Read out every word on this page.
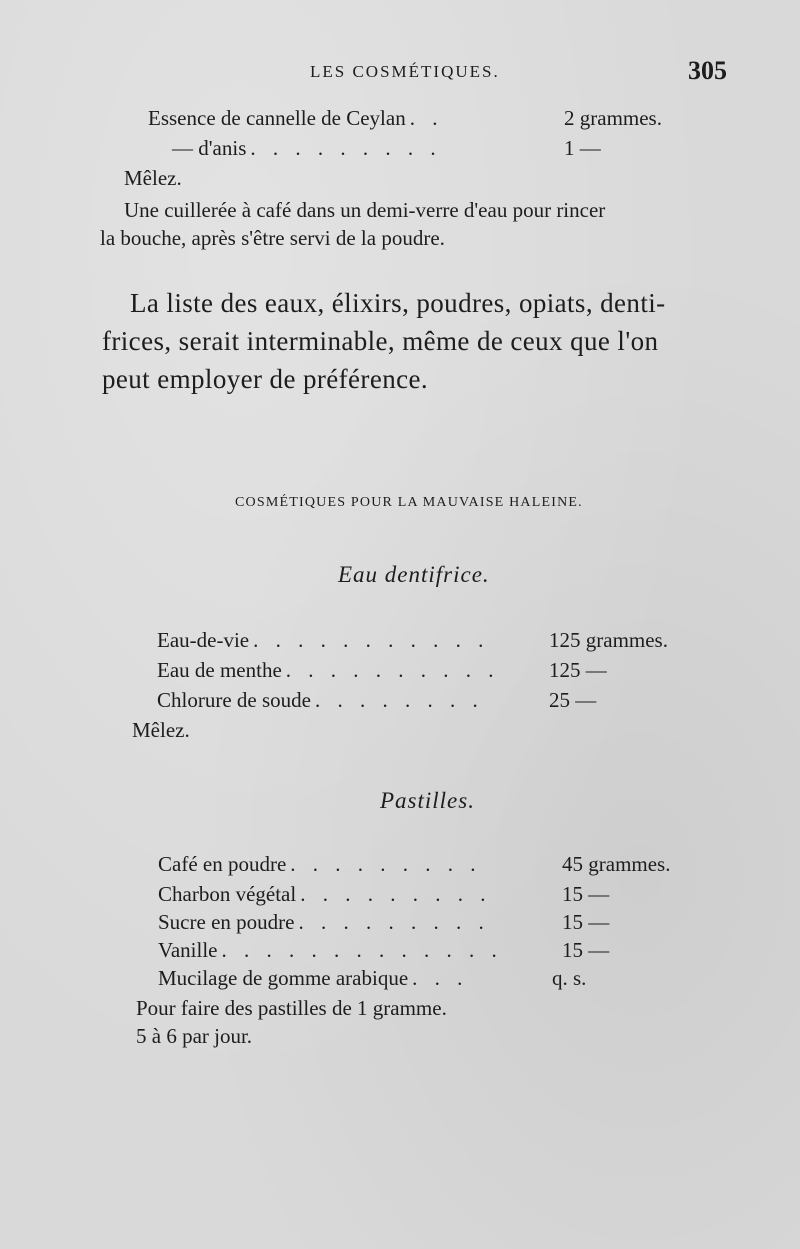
LES COSMÉTIQUES.	305
Essence de cannelle de Ceylan . .	2 grammes.
— d'anis . . . . . . . . .	1 —
Mêlez.
Une cuillerée à café dans un demi-verre d'eau pour rincer
la bouche, après s'être servi de la poudre.
La liste des eaux, élixirs, poudres, opiats, denti-
frices, serait interminable, même de ceux que l'on
peut employer de préférence.
COSMÉTIQUES POUR LA MAUVAISE HALEINE.
Eau dentifrice.
Eau-de-vie . . . . . . . . . . .	125 grammes.
Eau de menthe . . . . . . . . . .	125 —
Chlorure de soude . . . . . . . .	25 —
Mêlez.
Pastilles.
Café en poudre . . . . . . . . .	45 grammes.
Charbon végétal . . . . . . . . .	15 —
Sucre en poudre . . . . . . . . .	15 —
Vanille . . . . . . . . . . . . .	15 —
Mucilage de gomme arabique . . .	q. s.
Pour faire des pastilles de 1 gramme.
5 à 6 par jour.
